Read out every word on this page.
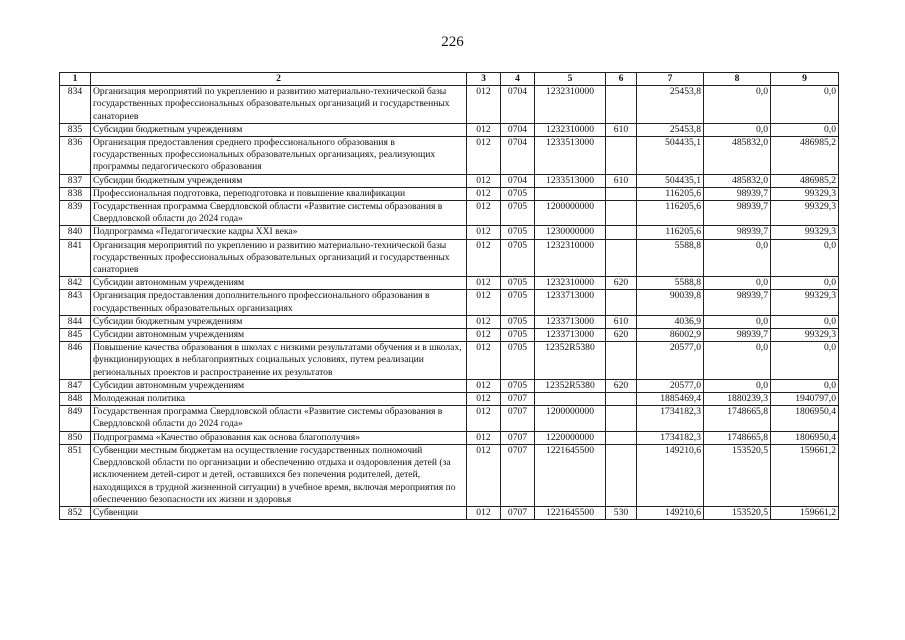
226
1	2	3	4	5	6	7	8	9
834	Организация мероприятий по укреплению и развитию материально-технической базы государственных профессиональных образовательных организаций и государственных санаториев	012	0704	1232310000		25453,8	0,0	0,0
835	Субсидии бюджетным учреждениям	012	0704	1232310000	610	25453,8	0,0	0,0
836	Организация предоставления среднего профессионального образования в государственных профессиональных образовательных организациях, реализующих программы педагогического образования	012	0704	1233513000		504435,1	485832,0	486985,2
837	Субсидии бюджетным учреждениям	012	0704	1233513000	610	504435,1	485832,0	486985,2
838	Профессиональная подготовка, переподготовка и повышение квалификации	012	0705			116205,6	98939,7	99329,3
839	Государственная программа Свердловской области «Развитие системы образования в Свердловской области до 2024 года»	012	0705	1200000000		116205,6	98939,7	99329,3
840	Подпрограмма «Педагогические кадры XXI века»	012	0705	1230000000		116205,6	98939,7	99329,3
841	Организация мероприятий по укреплению и развитию материально-технической базы государственных профессиональных образовательных организаций и государственных санаториев	012	0705	1232310000		5588,8	0,0	0,0
842	Субсидии автономным учреждениям	012	0705	1232310000	620	5588,8	0,0	0,0
843	Организация предоставления дополнительного профессионального образования в государственных образовательных организациях	012	0705	1233713000		90039,8	98939,7	99329,3
844	Субсидии бюджетным учреждениям	012	0705	1233713000	610	4036,9	0,0	0,0
845	Субсидии автономным учреждениям	012	0705	1233713000	620	86002,9	98939,7	99329,3
846	Повышение качества образования в школах с низкими результатами обучения и в школах, функционирующих в неблагоприятных социальных условиях, путем реализации региональных проектов и распространение их результатов	012	0705	12352R5380		20577,0	0,0	0,0
847	Субсидии автономным учреждениям	012	0705	12352R5380	620	20577,0	0,0	0,0
848	Молодежная политика	012	0707			1885469,4	1880239,3	1940797,0
849	Государственная программа Свердловской области «Развитие системы образования в Свердловской области до 2024 года»	012	0707	1200000000		1734182,3	1748665,8	1806950,4
850	Подпрограмма «Качество образования как основа благополучия»	012	0707	1220000000		1734182,3	1748665,8	1806950,4
851	Субвенции местным бюджетам на осуществление государственных полномочий Свердловской области по организации и обеспечению отдыха и оздоровления детей (за исключением детей-сирот и детей, оставшихся без попечения родителей, детей, находящихся в трудной жизненной ситуации) в учебное время, включая мероприятия по обеспечению безопасности их жизни и здоровья	012	0707	1221645500		149210,6	153520,5	159661,2
852	Субвенции	012	0707	1221645500	530	149210,6	153520,5	159661,2
